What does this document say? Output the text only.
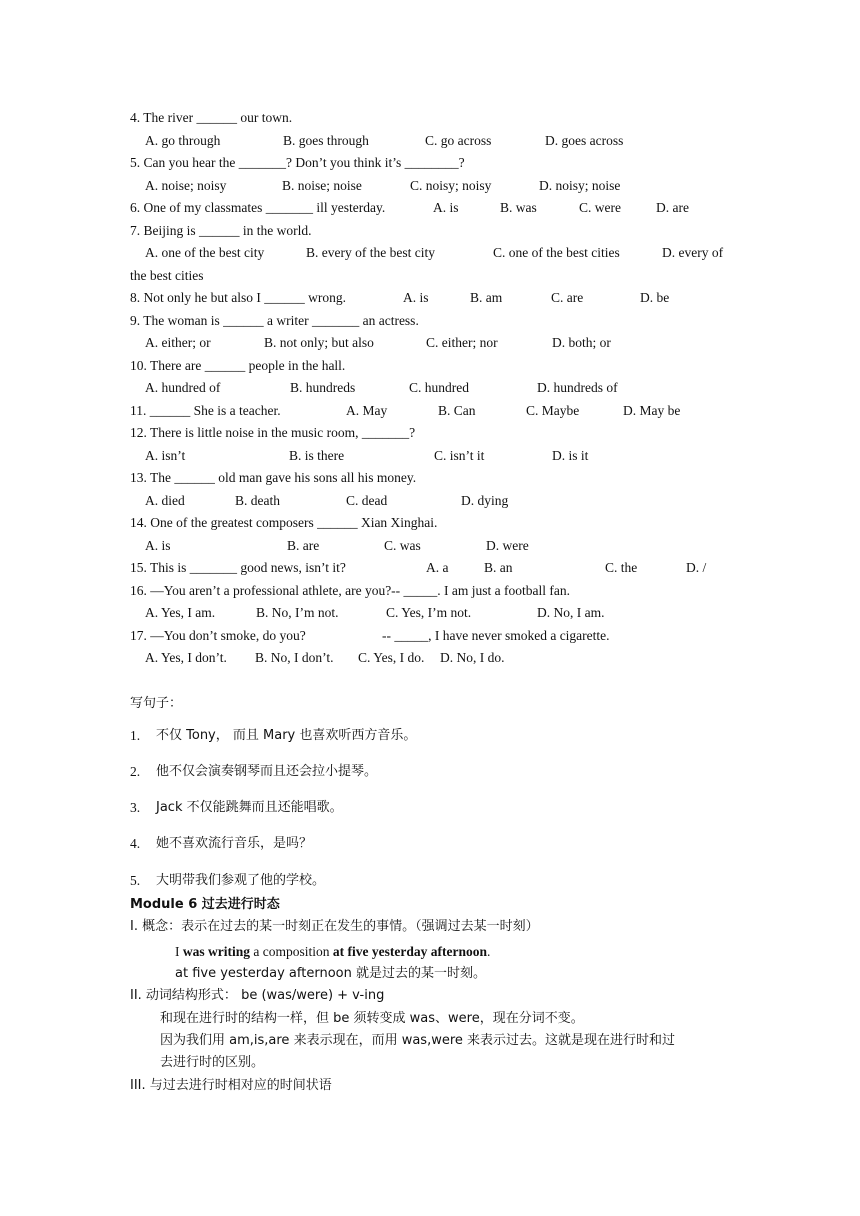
4. The river ______ our town.
A. go through	B. goes through	C. go across	D. goes across
5. Can you hear the _______? Don’t you think it’s ________?
A. noise; noisy	B. noise; noise	C. noisy; noisy	D. noisy; noise
6. One of my classmates _______ ill yesterday.	A. is	B. was	C. were	D. are
7. Beijing is ______ in the world.
A. one of the best city	B. every of the best city	C. one of the best cities	D. every of
the best cities
8. Not only he but also I ______ wrong.	A. is	B. am	C. are	D. be
9. The woman is ______ a writer _______ an actress.
A. either; or	B. not only; but also	C. either; nor	D. both; or
10. There are ______ people in the hall.
A. hundred of	B. hundreds	C. hundred	D. hundreds of
11. ______ She is a teacher.	A. May	B. Can	C. Maybe	D. May be
12. There is little noise in the music room, _______?
A. isn’t	B. is there	C. isn’t it	D. is it
13. The ______ old man gave his sons all his money.
A. died	B. death	C. dead	D. dying
14. One of the greatest composers ______ Xian Xinghai.
A. is	B. are	C. was	D. were
15. This is _______ good news, isn’t it?	A. a	B. an	C. the	D. /
16. —You aren’t a professional athlete, are you?-- _____. I am just a football fan.
A. Yes, I am.	B. No, I’m not.	C. Yes, I’m not.	D. No, I am.
17. —You don’t smoke, do you?	-- _____, I have never smoked a cigarette.
A. Yes, I don’t. B. No, I don’t. C. Yes, I do. D. No, I do.
写句子：
1. 不仅 Tony， 而且 Mary 也喜欢听西方音乐。
2. 他不仅会演奏钢琴而且还会拉小提琴。
3. Jack 不仅能跳舞而且还能唱歌。
4. 她不喜欢流行音乐，是吗？
5. 大明带我们参观了他的学校。
Module 6 过去进行时态
I. 概念：表示在过去的某一时刻正在发生的事情。（强调过去某一时刻）
I was writing a composition at five yesterday afternoon.
at five yesterday afternoon 就是过去的某一时刻。
II. 动词结构形式： be (was/were) + v-ing
和现在进行时的结构一样，但 be 须转变成 was、were，现在分词不变。
因为我们用 am,is,are 来表示现在，而用 was,were 来表示过去。这就是现在进行时和过
去进行时的区别。
III. 与过去进行时相对应的时间状语
